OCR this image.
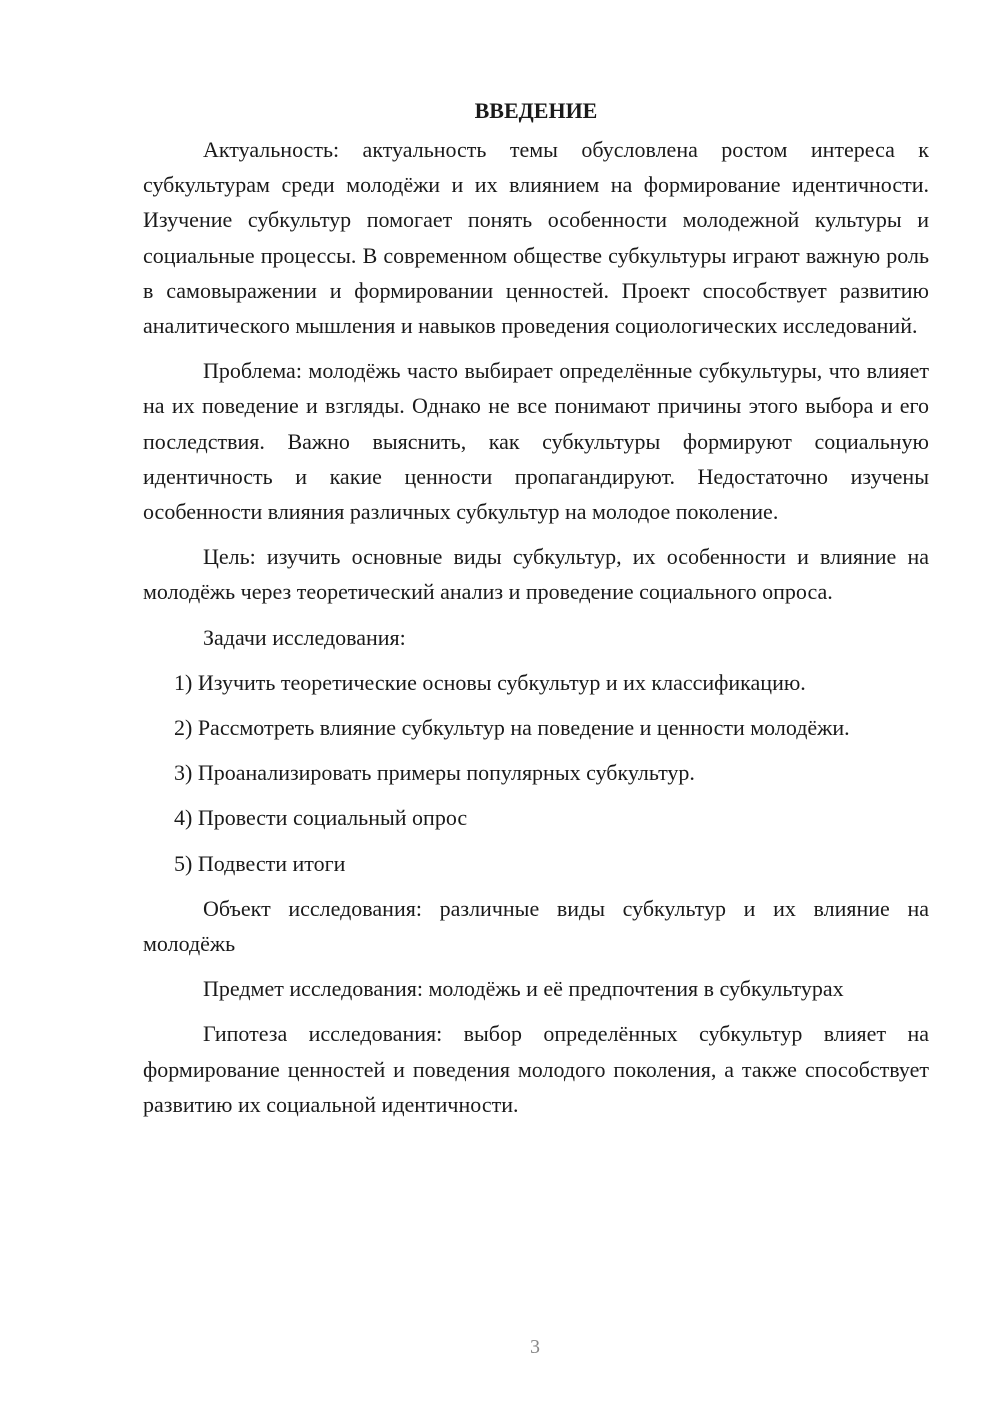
ВВЕДЕНИЕ

Актуальность: актуальность темы обусловлена ростом интереса к субкультурам среди молодёжи и их влиянием на формирование идентичности. Изучение субкультур помогает понять особенности молодежной культуры и социальные процессы. В современном обществе субкультуры играют важную роль в самовыражении и формировании ценностей. Проект способствует развитию аналитического мышления и навыков проведения социологических исследований.

Проблема: молодёжь часто выбирает определённые субкультуры, что влияет на их поведение и взгляды. Однако не все понимают причины этого выбора и его последствия. Важно выяснить, как субкультуры формируют социальную идентичность и какие ценности пропагандируют. Недостаточно изучены особенности влияния различных субкультур на молодое поколение.

Цель: изучить основные виды субкультур, их особенности и влияние на молодёжь через теоретический анализ и проведение социального опроса.

Задачи исследования:

1) Изучить теоретические основы субкультур и их классификацию.

2) Рассмотреть влияние субкультур на поведение и ценности молодёжи.

3) Проанализировать примеры популярных субкультур.

4) Провести социальный опрос

5) Подвести итоги

Объект исследования: различные виды субкультур и их влияние на молодёжь

Предмет исследования: молодёжь и её предпочтения в субкультурах

Гипотеза исследования: выбор определённых субкультур влияет на формирование ценностей и поведения молодого поколения, а также способствует развитию их социальной идентичности.

3
